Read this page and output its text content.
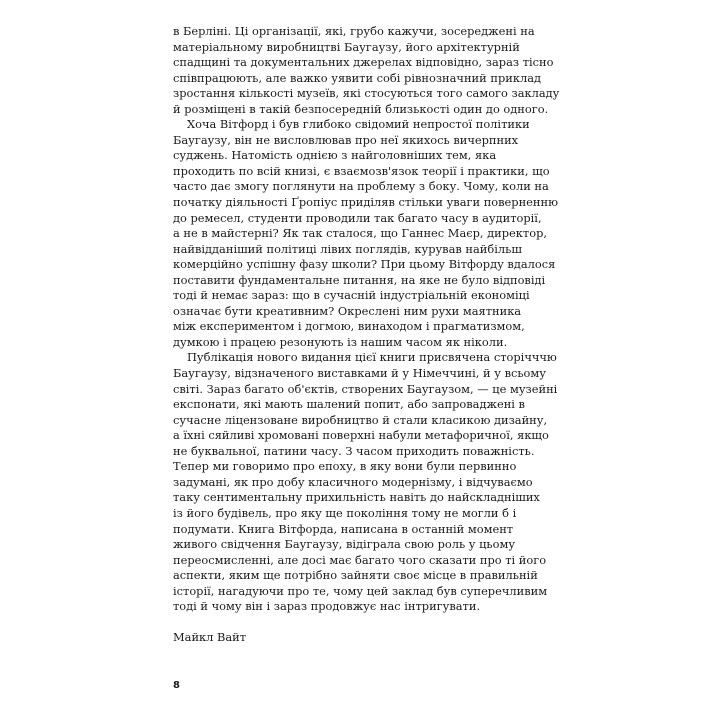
в Берліні. Ці організації, які, грубо кажучи, зосереджені на
матеріальному виробництві Баугаузу, його архітектурній
спадщині та документальних джерелах відповідно, зараз тісно
співпрацюють, але важко уявити собі рівнозначний приклад
зростання кількості музеїв, які стосуються того самого закладу
й розміщені в такій безпосередній близькості один до одного.

Хоча Вітфорд і був глибоко свідомий непростої політики
Баугаузу, він не висловлював про неї якихось вичерпних
суджень. Натомість однією з найголовніших тем, яка
проходить по всій книзі, є взаємозв'язок теорії і практики, що
часто дає змогу поглянути на проблему з боку. Чому, коли на
початку діяльності Ґропіус приділяв стільки уваги поверненню
до ремесел, студенти проводили так багато часу в аудиторії,
а не в майстерні? Як так сталося, що Ганнес Маєр, директор,
найвідданіший політиці лівих поглядів, курував найбільш
комерційно успішну фазу школи? При цьому Вітфорду вдалося
поставити фундаментальне питання, на яке не було відповіді
тоді й немає зараз: що в сучасній індустріальній економіці
означає бути креативним? Окреслені ним рухи маятника
між експериментом і догмою, винаходом і прагматизмом,
думкою і працею резонують із нашим часом як ніколи.

Публікація нового видання цієї книги присвячена сторічччю
Баугаузу, відзначеного виставками й у Німеччині, й у всьому
світі. Зараз багато об'єктів, створених Баугаузом, — це музейні
експонати, які мають шалений попит, або запроваджені в
сучасне ліцензоване виробництво й стали класикою дизайну,
а їхні сяйливі хромовані поверхні набули метафоричної, якщо
не буквальної, патини часу. З часом приходить поважність.
Тепер ми говоримо про епоху, в яку вони були первинно
задумані, як про добу класичного модернізму, і відчуваємо
таку сентиментальну прихильність навіть до найскладніших
із його будівель, про яку ще покоління тому не могли б і
подумати. Книга Вітфорда, написана в останній момент
живого свідчення Баугаузу, відіграла свою роль у цьому
переосмисленні, але досі має багато чого сказати про ті його
аспекти, яким ще потрібно зайняти своє місце в правильній
історії, нагадуючи про те, чому цей заклад був суперечливим
тоді й чому він і зараз продовжує нас інтригувати.

Майкл Вайт
8
